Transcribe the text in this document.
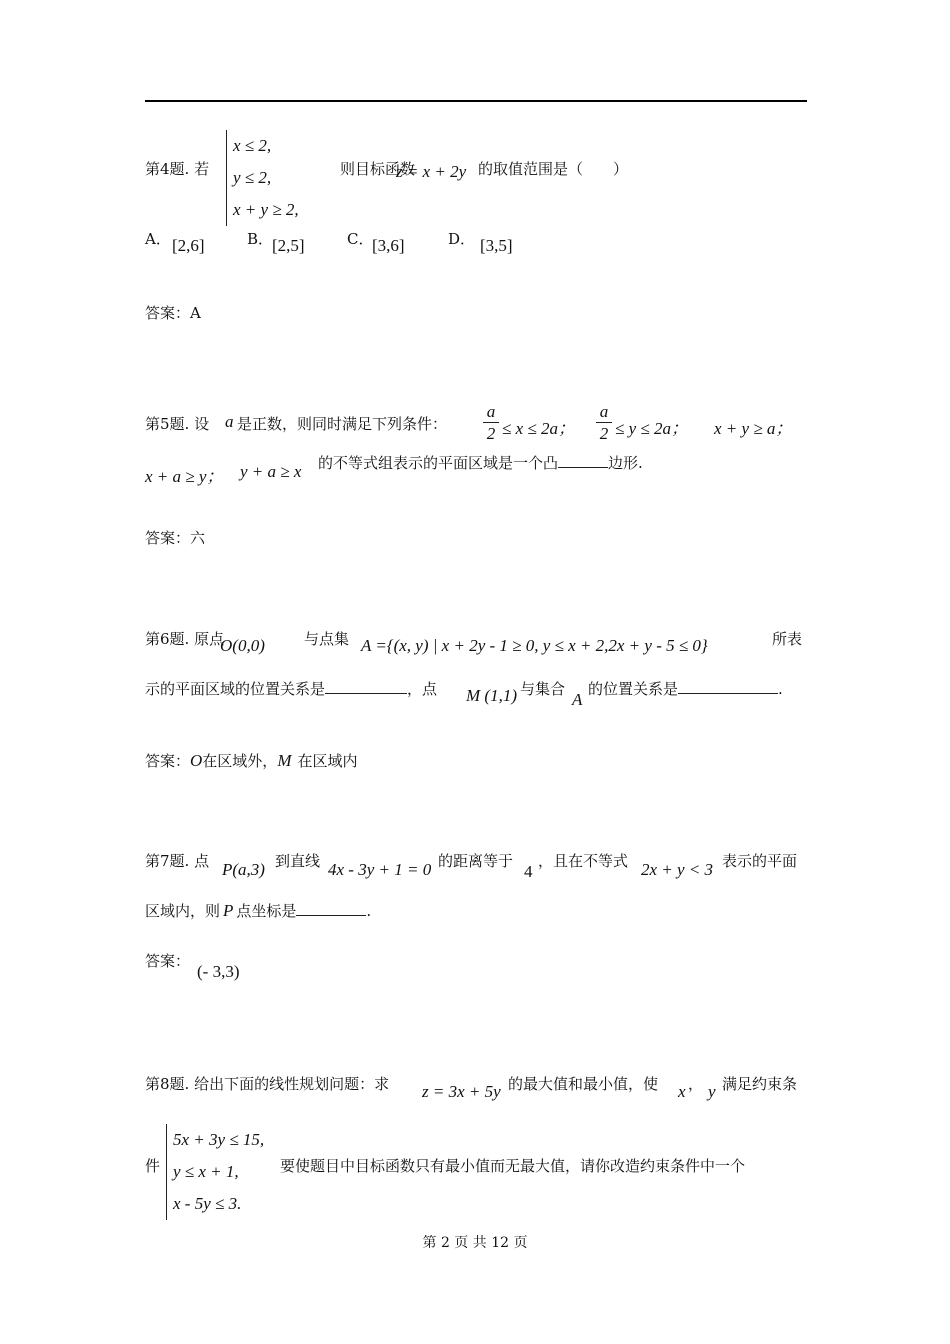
第4题. 若
x ≤ 2,
y ≤ 2,
x + y ≥ 2,
则目标函数
z = x + 2y 的取值范围是（　　）
A． [2,6]	B．
[2,5]	C．
[3,6]	D． [3,5]
答案：A
第5题. 设 a 是正数，则同时满足下列条件： $\frac{a}{2} \le x \le 2a$； $\frac{a}{2} \le y \le 2a$； x + y ≥ a；
x + a ≥ y； y + a ≥ x 的不等式组表示的平面区域是一个凸	边形.
答案：六
第6题. 原点
O(0,0)	与点集 A ={(x, y) | x + 2y - 1 ≥ 0, y ≤ x + 2,2x + y - 5 ≤ 0}	所表
示的平面区域的位置关系是	，点 M (1,1) 与集合
A
的位置关系是	.
答案：O在区域外，M 在区域内
第7题. 点 P(a,3) 到直线 4x - 3y + 1 = 0 的距离等于
4
，且在不等式 2x + y < 3 表示的平面
区域内，则 P 点坐标是	.
答案：
(- 3,3)
第8题. 给出下面的线性规划问题：求 z = 3x + 5y 的最大值和最小值，使 x ， y 满足约束条
件
5x + 3y ≤ 15,
y ≤ x + 1,
x - 5y ≤ 3.
要使题目中目标函数只有最小值而无最大值，请你改造约束条件中一个
第 2 页 共 12 页
